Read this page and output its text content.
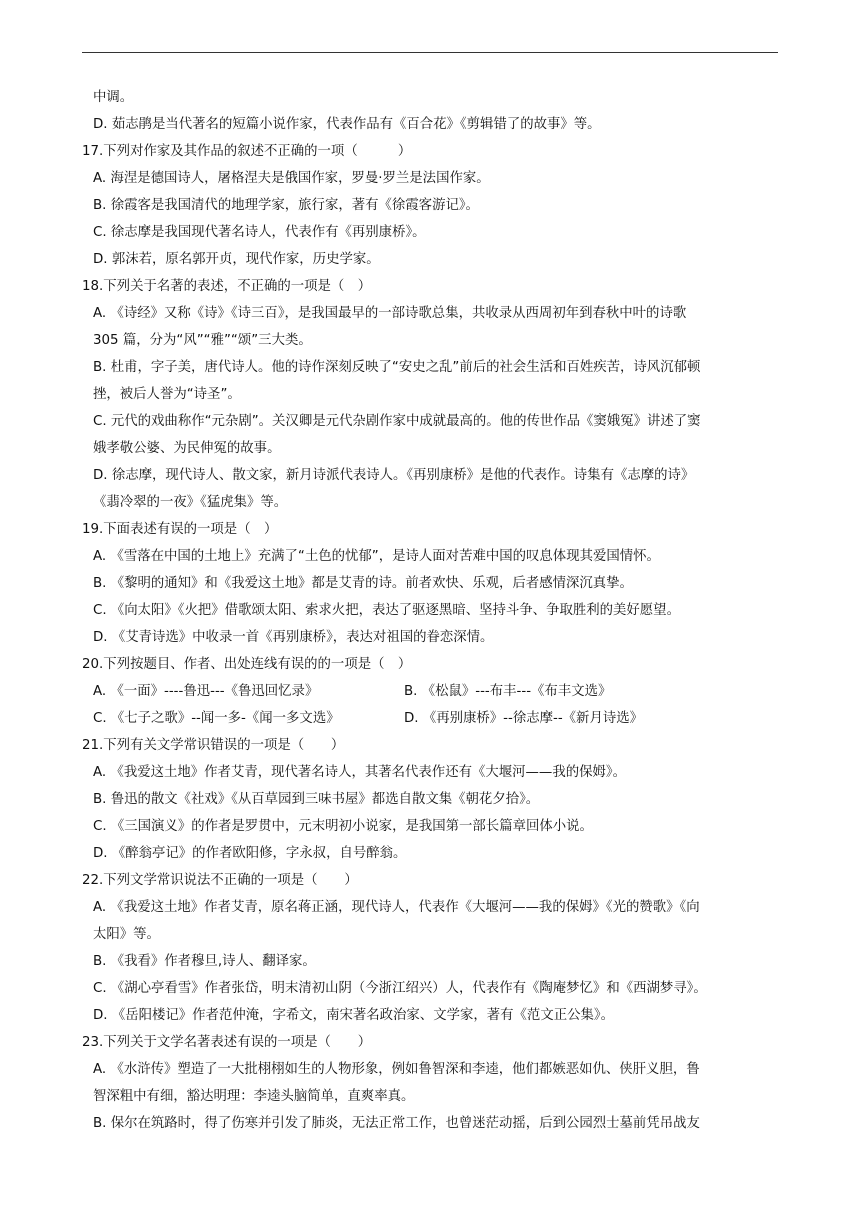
中调。
D. 茹志鹃是当代著名的短篇小说作家，代表作品有《百合花》《剪辑错了的故事》等。
17.下列对作家及其作品的叙述不正确的一项（　　　）
A. 海涅是德国诗人，屠格涅夫是俄国作家，罗曼·罗兰是法国作家。
B. 徐霞客是我国清代的地理学家，旅行家，著有《徐霞客游记》。
C. 徐志摩是我国现代著名诗人，代表作有《再别康桥》。
D. 郭沫若，原名郭开贞，现代作家，历史学家。
18.下列关于名著的表述，不正确的一项是（　）
A. 《诗经》又称《诗》《诗三百》，是我国最早的一部诗歌总集，共收录从西周初年到春秋中叶的诗歌
305 篇，分为“风”“雅”“颂”三大类。
B. 杜甫，字子美，唐代诗人。他的诗作深刻反映了“安史之乱”前后的社会生活和百姓疾苦，诗风沉郁顿
挫，被后人誉为“诗圣”。
C. 元代的戏曲称作“元杂剧”。关汉卿是元代杂剧作家中成就最高的。他的传世作品《窦娥冤》讲述了窦
娥孝敬公婆、为民伸冤的故事。
D. 徐志摩，现代诗人、散文家，新月诗派代表诗人。《再别康桥》是他的代表作。诗集有《志摩的诗》
《翡冷翠的一夜》《猛虎集》等。
19.下面表述有误的一项是（　）
A. 《雪落在中国的土地上》充满了“土色的忧郁”，是诗人面对苦难中国的叹息体现其爱国情怀。
B. 《黎明的通知》和《我爱这土地》都是艾青的诗。前者欢快、乐观，后者感情深沉真挚。
C. 《向太阳》《火把》借歌颂太阳、索求火把，表达了驱逐黑暗、坚持斗争、争取胜利的美好愿望。
D. 《艾青诗选》中收录一首《再别康桥》，表达对祖国的眷恋深情。
20.下列按题目、作者、出处连线有误的的一项是（　）
A. 《一面》----鲁迅---《鲁迅回忆录》	B. 《松鼠》---布丰---《布丰文选》
C. 《七子之歌》--闻一多-《闻一多文选》	D. 《再别康桥》--徐志摩--《新月诗选》
21.下列有关文学常识错误的一项是（　　）
A. 《我爱这土地》作者艾青，现代著名诗人，其著名代表作还有《大堰河——我的保姆》。
B. 鲁迅的散文《社戏》《从百草园到三味书屋》都选自散文集《朝花夕拾》。
C. 《三国演义》的作者是罗贯中，元末明初小说家，是我国第一部长篇章回体小说。
D. 《醉翁亭记》的作者欧阳修，字永叔，自号醉翁。
22.下列文学常识说法不正确的一项是（　　）
A. 《我爱这土地》作者艾青，原名蒋正涵，现代诗人，代表作《大堰河——我的保姆》《光的赞歌》《向
太阳》等。
B. 《我看》作者穆旦,诗人、翻译家。
C. 《湖心亭看雪》作者张岱，明末清初山阴（今浙江绍兴）人，代表作有《陶庵梦忆》和《西湖梦寻》。
D. 《岳阳楼记》作者范仲淹，字希文，南宋著名政治家、文学家，著有《范文正公集》。
23.下列关于文学名著表述有误的一项是（　　）
A. 《水浒传》塑造了一大批栩栩如生的人物形象，例如鲁智深和李逵，他们都嫉恶如仇、侠肝义胆，鲁
智深粗中有细，豁达明理：李逵头脑简单，直爽率真。
B. 保尔在筑路时，得了伤寒并引发了肺炎，无法正常工作，也曾迷茫动摇，后到公园烈士墓前凭吊战友
